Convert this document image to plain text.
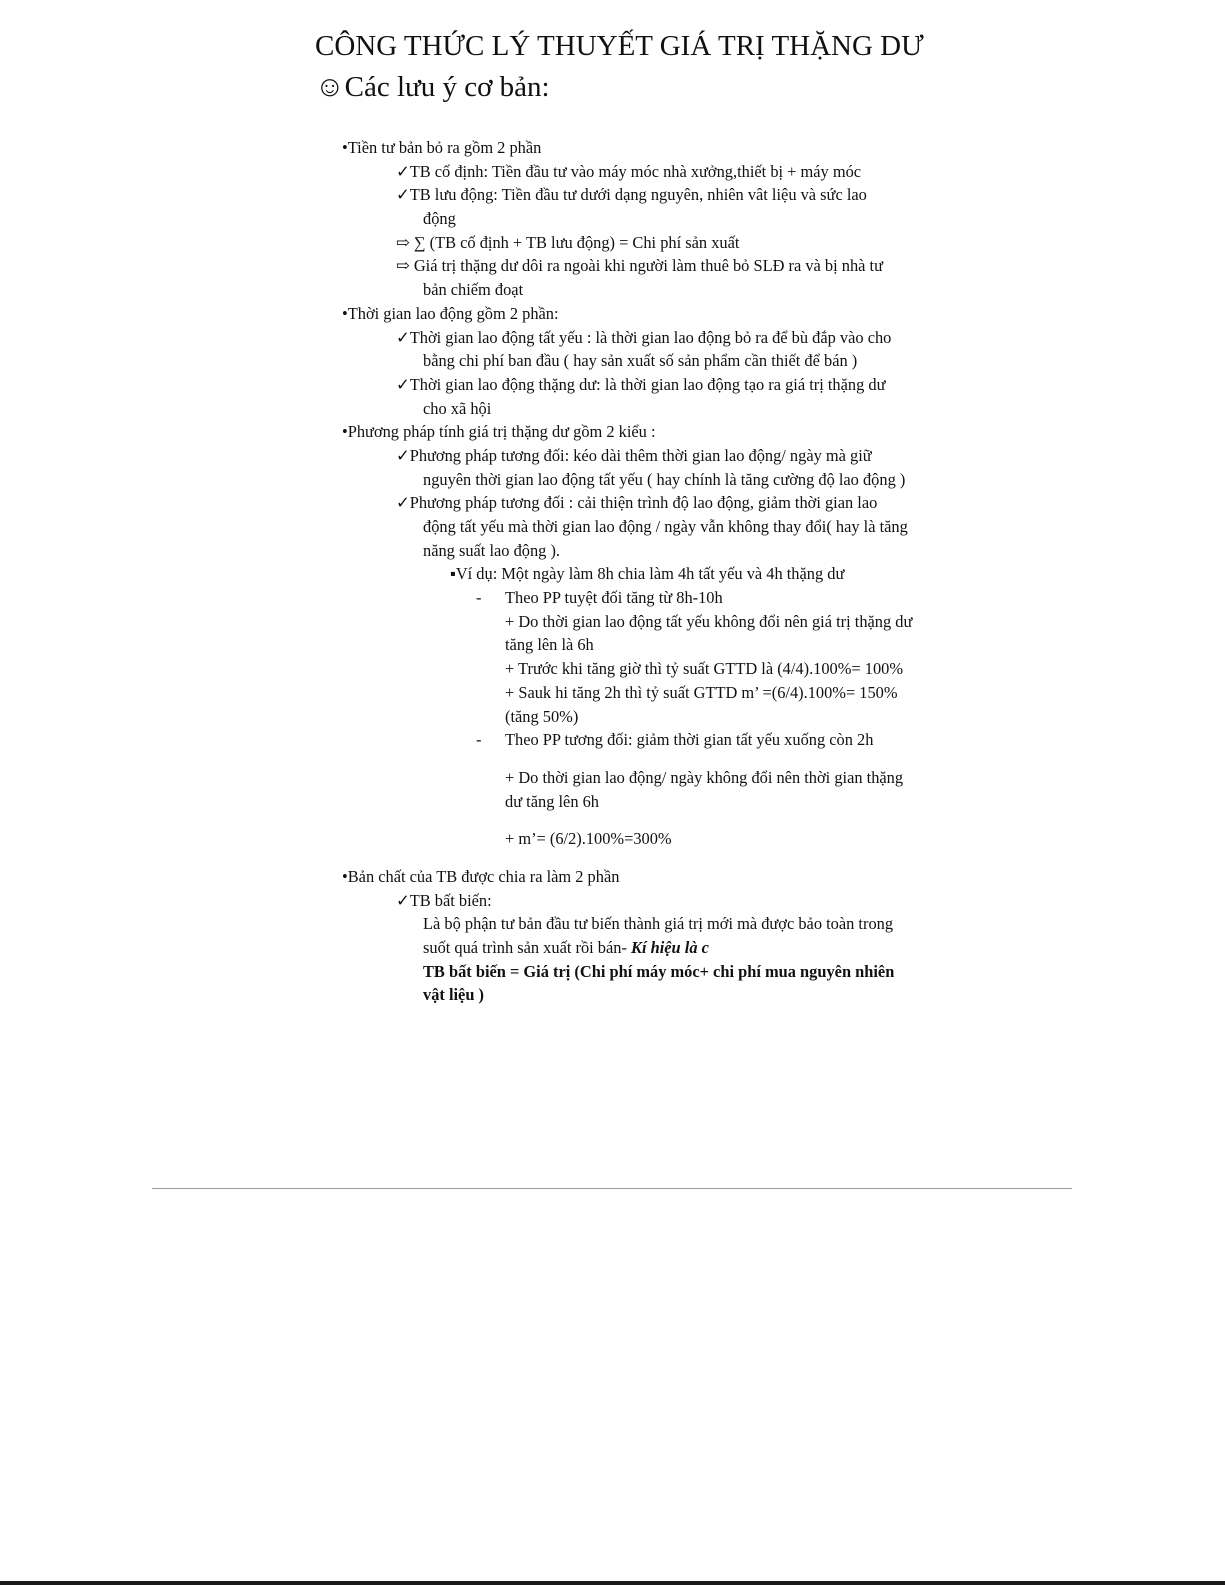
CÔNG THỨC LÝ THUYẾT GIÁ TRỊ THẶNG DƯ
☺Các lưu ý cơ bản:
•Tiền tư bản bỏ ra gồm 2 phần
✓TB cố định: Tiền đầu tư vào máy móc nhà xưởng,thiết bị + máy móc
✓TB lưu động: Tiền đầu tư dưới dạng nguyên, nhiên vât liệu và sức lao
động
⇨ ∑ (TB cố định + TB lưu động) = Chi phí sản xuất
⇨ Giá trị thặng dư dôi ra ngoài khi người làm thuê bỏ SLĐ ra và bị nhà tư
bản chiếm đoạt
•Thời gian lao động gồm 2 phần:
✓Thời gian lao động tất yếu : là thời gian lao động bỏ ra để bù đắp vào cho
bằng chi phí ban đầu ( hay sản xuất số sản phẩm cần thiết để bán )
✓Thời gian lao động thặng dư: là thời gian lao động tạo ra giá trị thặng dư
cho xã hội
•Phương pháp tính giá trị thặng dư gồm 2 kiểu :
✓Phương pháp tương đối: kéo dài thêm thời gian lao động/ ngày mà giữ
nguyên thời gian lao động tất yếu ( hay chính là tăng cường độ lao động )
✓Phương pháp tương đối : cải thiện trình độ lao động, giảm thời gian lao
động tất yếu mà thời gian lao động / ngày vẫn không thay đổi( hay là tăng
năng suất lao động ).
▪Ví dụ: Một ngày làm 8h chia làm 4h tất yếu và 4h thặng dư
- Theo PP tuyệt đối tăng từ 8h-10h
+ Do thời gian lao động tất yếu không đổi nên giá trị thặng dư
tăng lên là 6h
+ Trước khi tăng giờ thì tỷ suất GTTD là (4/4).100%= 100%
+ Sauk hi tăng 2h thì tỷ suất GTTD m’ =(6/4).100%= 150%
(tăng 50%)
- Theo PP tương đối: giảm thời gian tất yếu xuống còn 2h
+ Do thời gian lao động/ ngày không đổi nên thời gian thặng
dư tăng lên 6h
+ m’= (6/2).100%=300%
•Bản chất của TB được chia ra làm 2 phần
✓TB bất biến:
Là bộ phận tư bản đầu tư biến thành giá trị mới mà được bảo toàn trong
suốt quá trình sản xuất rồi bán- Kí hiệu là c
TB bất biến = Giá trị (Chi phí máy móc+ chi phí mua nguyên nhiên
vật liệu )
